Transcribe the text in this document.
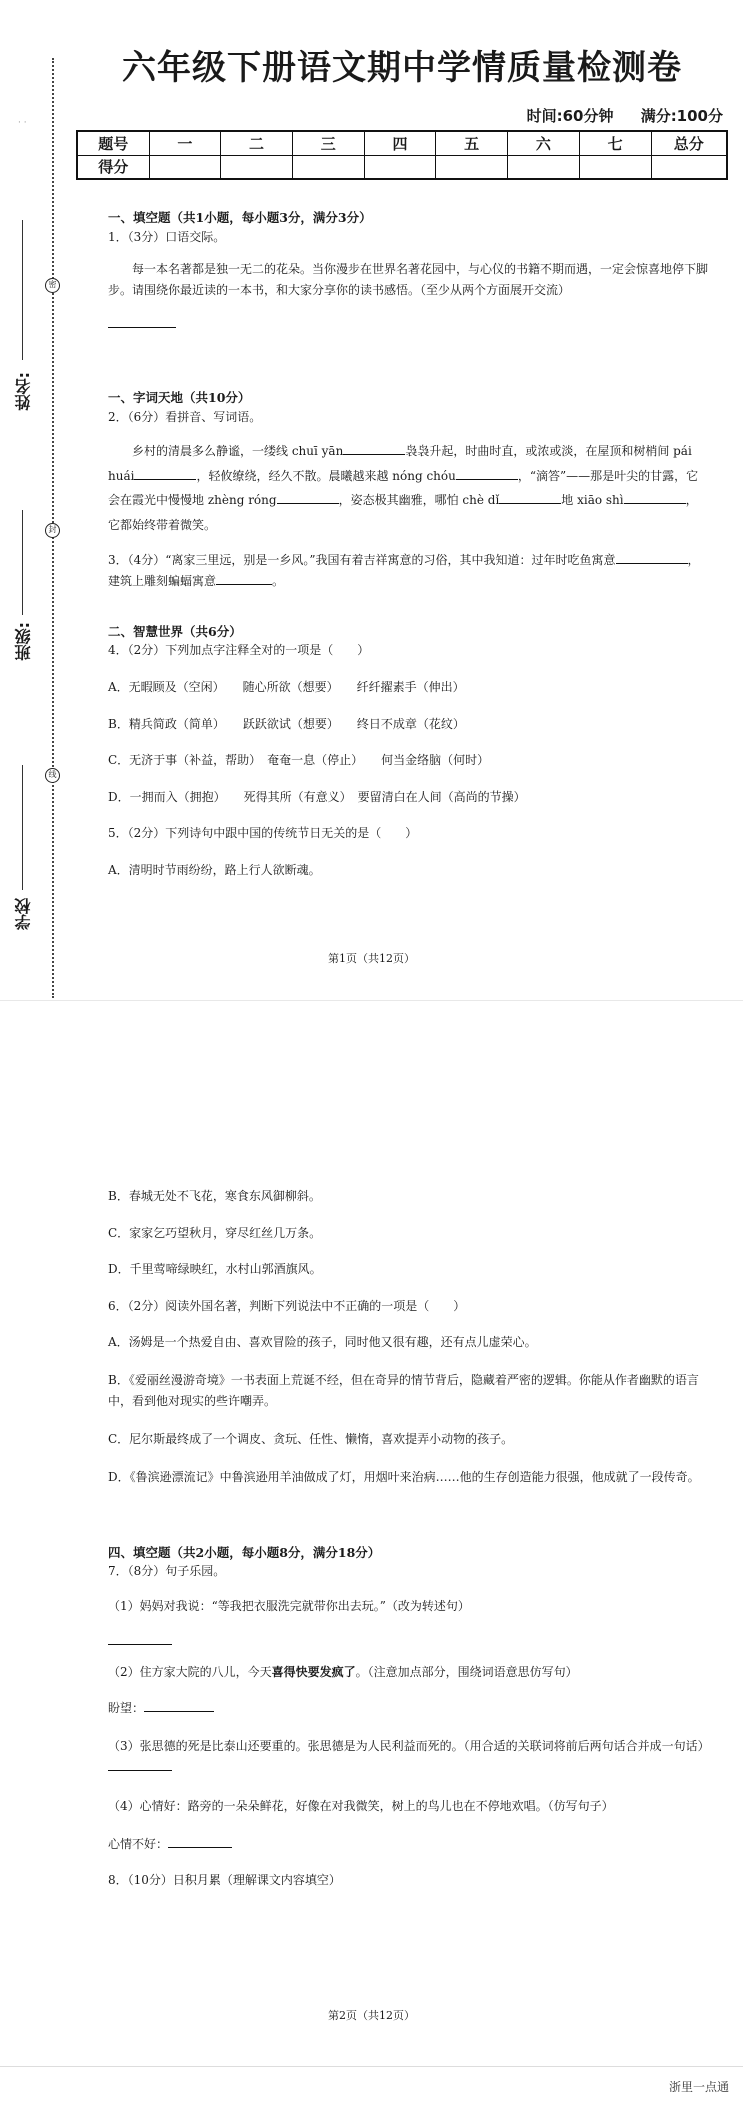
· ·
密
封
线
姓名:
班级:
学校
六年级下册语文期中学情质量检测卷
时间:60分钟 满分:100分
题号	一	二	三	四	五	六	七	总分
得分								
一、填空题（共1小题，每小题3分，满分3分）
1．（3分）口语交际。
每一本名著都是独一无二的花朵。当你漫步在世界名著花园中，与心仪的书籍不期而遇，一定会惊喜地停下脚步。请围绕你最近读的一本书，和大家分享你的读书感悟。（至少从两个方面展开交流）
一、字词天地（共10分）
2．（6分）看拼音、写词语。
乡村的清晨多么静谧，一缕线 chuī yān	袅袅升起，时曲时直，或浓或淡，在屋顶和树梢间 pái huái	，轻攸缭绕，经久不散。晨曦越来越 nóng chóu	，“滴答”——那是叶尖的甘露，它会在霞光中慢慢地 zhèng róng	，姿态极其幽雅，哪怕 chè dǐ	地 xiāo shì	，它都始终带着微笑。
3．（4分）“离家三里远，别是一乡风。”我国有着吉祥寓意的习俗，其中我知道：过年时吃鱼寓意	，建筑上雕刻蝙蝠寓意	。
二、智慧世界（共6分）
4．（2分）下列加点字注释全对的一项是（　　）
A．无暇顾及（空闲）　　随心所欲（想要）　　纤纤擢素手（伸出）
B．精兵简政（简单）　　跃跃欲试（想要）　　终日不成章（花纹）
C．无济于事（补益，帮助）　奄奄一息（停止）　　何当金络脑（何时）
D．一拥而入（拥抱）　　死得其所（有意义）　要留清白在人间（高尚的节操）
5．（2分）下列诗句中跟中国的传统节日无关的是（　　）
A．清明时节雨纷纷，路上行人欲断魂。
第1页（共12页）
B．春城无处不飞花，寒食东风御柳斜。
C．家家乞巧望秋月，穿尽红丝几万条。
D．千里莺啼绿映红，水村山郭酒旗风。
6．（2分）阅读外国名著，判断下列说法中不正确的一项是（　　）
A．汤姆是一个热爱自由、喜欢冒险的孩子，同时他又很有趣，还有点儿虚荣心。
B．《爱丽丝漫游奇境》一书表面上荒诞不经，但在奇异的情节背后，隐藏着严密的逻辑。你能从作者幽默的语言中，看到他对现实的些许嘲弄。
C．尼尔斯最终成了一个调皮、贪玩、任性、懒惰，喜欢提弄小动物的孩子。
D．《鲁滨逊漂流记》中鲁滨逊用羊油做成了灯，用烟叶来治病……他的生存创造能力很强，他成就了一段传奇。
四、填空题（共2小题，每小题8分，满分18分）
7．（8分）句子乐园。
（1）妈妈对我说：“等我把衣服洗完就带你出去玩。”（改为转述句）
（2）住方家大院的八儿，今天喜得快要发疯了。（注意加点部分，围绕词语意思仿写句）
盼望：
（3）张思德的死是比泰山还要重的。张思德是为人民利益而死的。（用合适的关联词将前后两句话合并成一句话）
（4）心情好：路旁的一朵朵鲜花，好像在对我微笑，树上的鸟儿也在不停地欢唱。（仿写句子）
心情不好：
8．（10分）日积月累（理解课文内容填空）
第2页（共12页）
浙里一点通
